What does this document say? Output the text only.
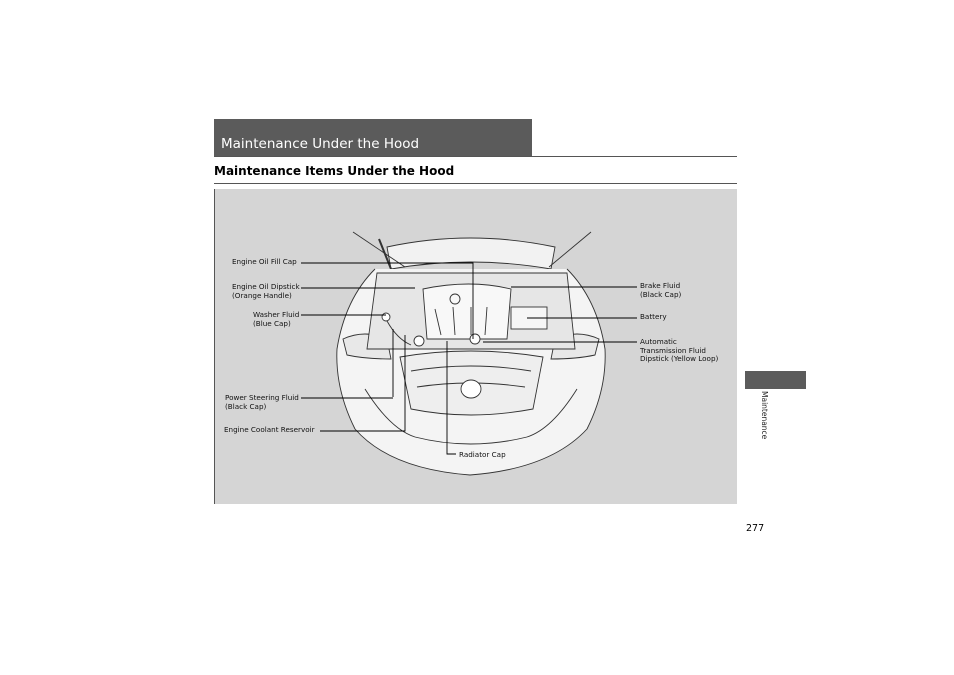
Maintenance Under the Hood
Maintenance Items Under the Hood
Engine Oil Fill Cap
Engine Oil Dipstick
(Orange Handle)
Washer Fluid
(Blue Cap)
Power Steering Fluid
(Black Cap)
Engine Coolant Reservoir
Radiator Cap
Brake Fluid
(Black Cap)
Battery
Automatic
Transmission Fluid
Dipstick (Yellow Loop)
Maintenance
277
